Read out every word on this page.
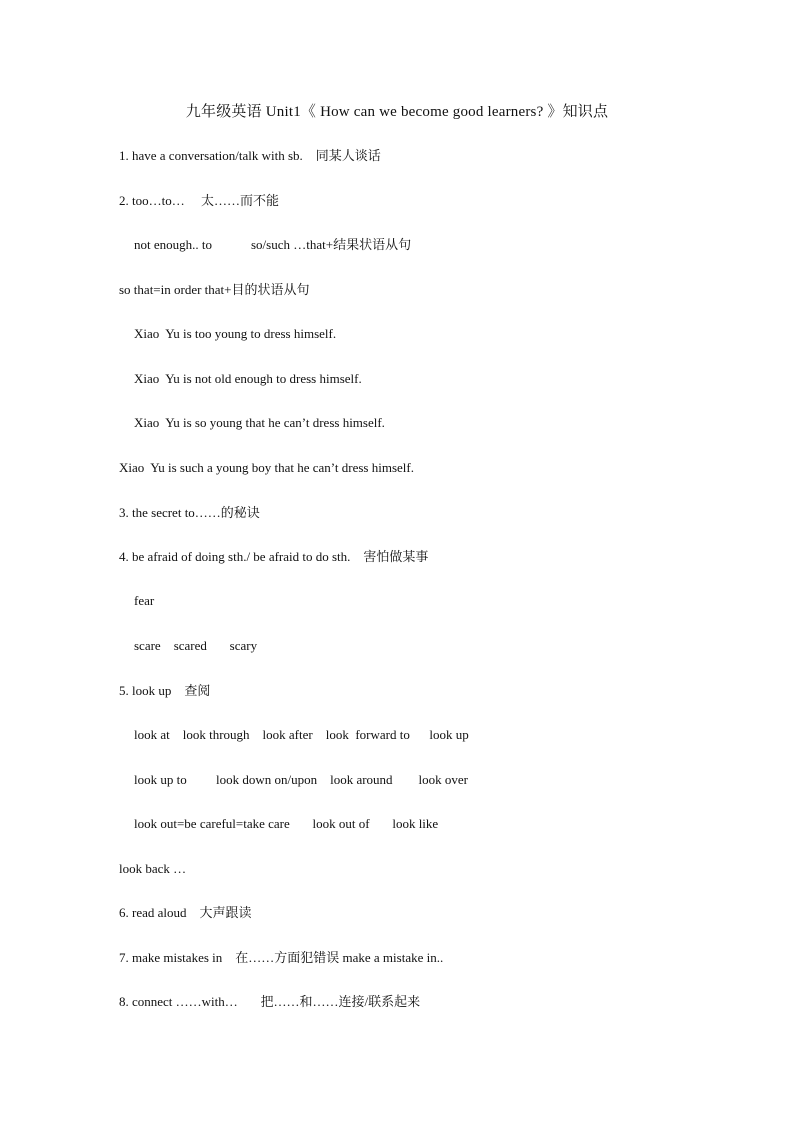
九年级英语 Unit1《 How can we become good learners? 》知识点
1. have a conversation/talk with sb.    同某人谈话
2. too…to…     太……而不能
not enough.. to            so/such …that+结果状语从句
so that=in order that+目的状语从句
Xiao  Yu is too young to dress himself.
Xiao  Yu is not old enough to dress himself.
Xiao  Yu is so young that he can’t dress himself.
Xiao  Yu is such a young boy that he can’t dress himself.
3. the secret to……的秘诀
4. be afraid of doing sth./ be afraid to do sth.    害怕做某事
fear
scare    scared       scary
5. look up    查阅
look at    look through    look after    look  forward to      look up
look up to         look down on/upon    look around        look over
look out=be careful=take care       look out of       look like
look back …
6. read aloud    大声跟读
7. make mistakes in    在……方面犯错误 make a mistake in..
8. connect ……with…       把……和……连接/联系起来
